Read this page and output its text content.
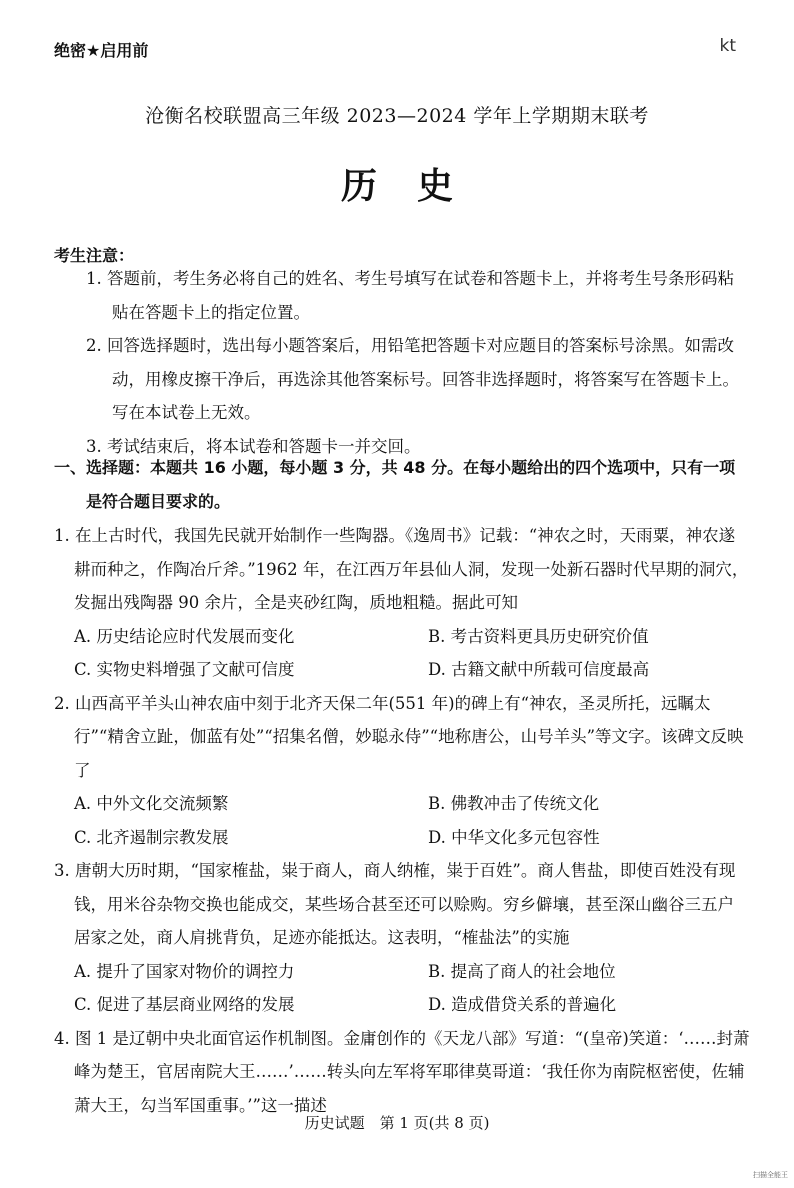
绝密★启用前	kt
沧衡名校联盟高三年级 2023—2024 学年上学期期末联考
历史
考生注意：
1. 答题前，考生务必将自己的姓名、考生号填写在试卷和答题卡上，并将考生号条形码粘贴在答题卡上的指定位置。
2. 回答选择题时，选出每小题答案后，用铅笔把答题卡对应题目的答案标号涂黑。如需改动，用橡皮擦干净后，再选涂其他答案标号。回答非选择题时，将答案写在答题卡上。写在本试卷上无效。
3. 考试结束后，将本试卷和答题卡一并交回。
一、选择题：本题共 16 小题，每小题 3 分，共 48 分。在每小题给出的四个选项中，只有一项是符合题目要求的。
1. 在上古时代，我国先民就开始制作一些陶器。《逸周书》记载：“神农之时，天雨粟，神农遂耕而种之，作陶冶斤斧。”1962 年，在江西万年县仙人洞，发现一处新石器时代早期的洞穴，发掘出残陶器 90 余片，全是夹砂红陶，质地粗糙。据此可知
A. 历史结论应时代发展而变化	B. 考古资料更具历史研究价值
C. 实物史料增强了文献可信度	D. 古籍文献中所载可信度最高
2. 山西高平羊头山神农庙中刻于北齐天保二年(551 年)的碑上有“神农，圣灵所托，远瞩太行”“精舍立趾，伽蓝有处”“招集名僧，妙聪永侍”“地称唐公，山号羊头”等文字。该碑文反映了
A. 中外文化交流频繁	B. 佛教冲击了传统文化
C. 北齐遏制宗教发展	D. 中华文化多元包容性
3. 唐朝大历时期，“国家榷盐，粜于商人，商人纳榷，粜于百姓”。商人售盐，即使百姓没有现钱，用米谷杂物交换也能成交，某些场合甚至还可以赊购。穷乡僻壤，甚至深山幽谷三五户居家之处，商人肩挑背负，足迹亦能抵达。这表明，“榷盐法”的实施
A. 提升了国家对物价的调控力	B. 提高了商人的社会地位
C. 促进了基层商业网络的发展	D. 造成借贷关系的普遍化
4. 图 1 是辽朝中央北面官运作机制图。金庸创作的《天龙八部》写道：“(皇帝)笑道：‘……封萧峰为楚王，官居南院大王……’……转头向左军将军耶律莫哥道：‘我任你为南院枢密使，佐辅萧大王，勾当军国重事。’”这一描述
历史试题　第 1 页(共 8 页)
扫描全能王
